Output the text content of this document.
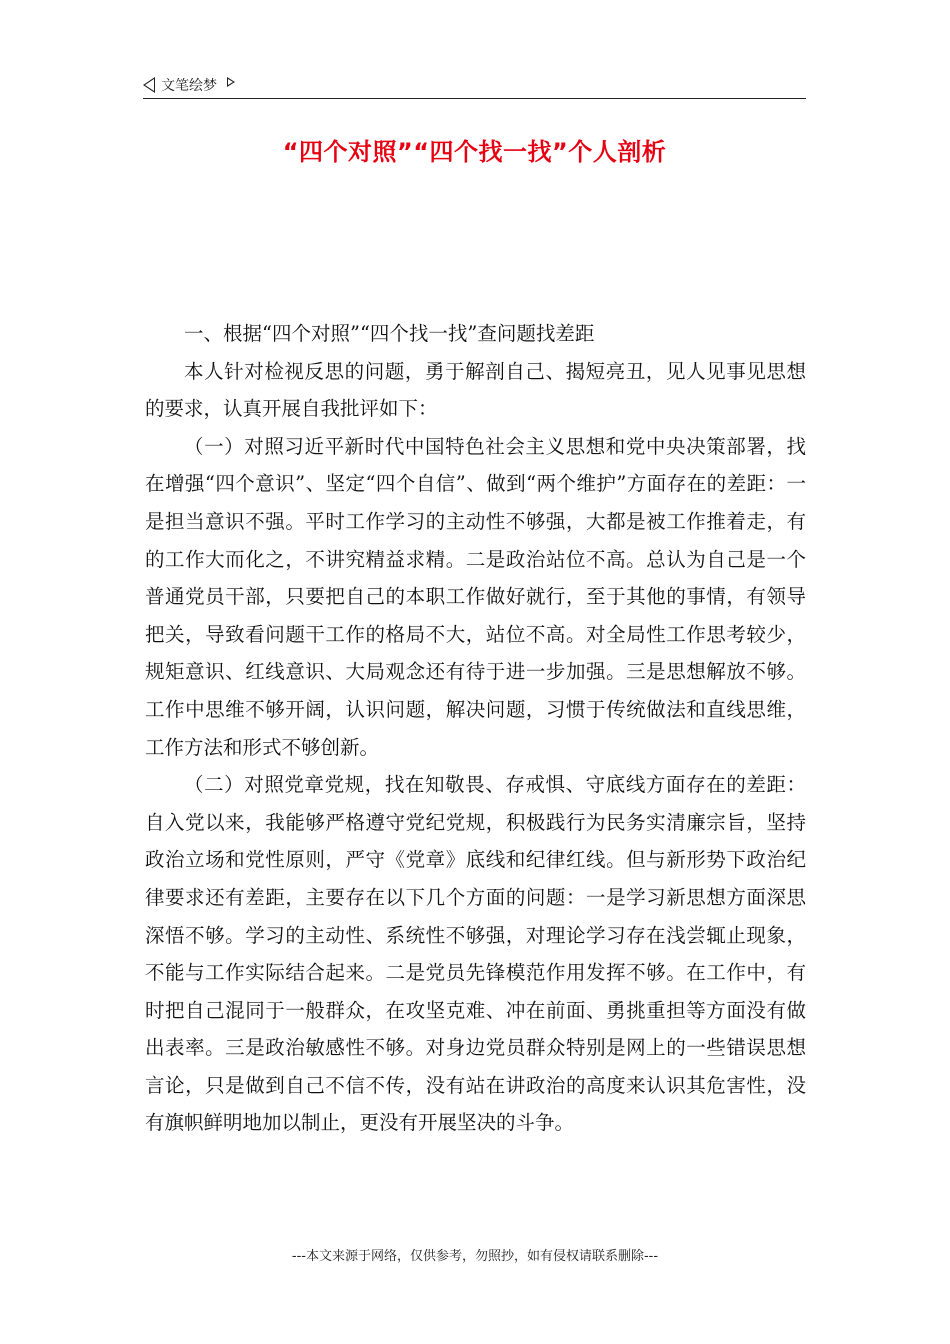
文笔绘梦
“四个对照”“四个找一找”个人剖析

一、根据“四个对照”“四个找一找”查问题找差距

本人针对检视反思的问题，勇于解剖自己、揭短亮丑，见人见事见思想的要求，认真开展自我批评如下：

（一）对照习近平新时代中国特色社会主义思想和党中央决策部署，找在增强“四个意识”、坚定“四个自信”、做到“两个维护”方面存在的差距：一是担当意识不强。平时工作学习的主动性不够强，大都是被工作推着走，有的工作大而化之，不讲究精益求精。二是政治站位不高。总认为自己是一个普通党员干部，只要把自己的本职工作做好就行，至于其他的事情，有领导把关，导致看问题干工作的格局不大，站位不高。对全局性工作思考较少，规矩意识、红线意识、大局观念还有待于进一步加强。三是思想解放不够。工作中思维不够开阔，认识问题，解决问题，习惯于传统做法和直线思维，工作方法和形式不够创新。

（二）对照党章党规，找在知敬畏、存戒惧、守底线方面存在的差距：自入党以来，我能够严格遵守党纪党规，积极践行为民务实清廉宗旨，坚持政治立场和党性原则，严守《党章》底线和纪律红线。但与新形势下政治纪律要求还有差距，主要存在以下几个方面的问题：一是学习新思想方面深思深悟不够。学习的主动性、系统性不够强，对理论学习存在浅尝辄止现象，不能与工作实际结合起来。二是党员先锋模范作用发挥不够。在工作中，有时把自己混同于一般群众，在攻坚克难、冲在前面、勇挑重担等方面没有做出表率。三是政治敏感性不够。对身边党员群众特别是网上的一些错误思想言论，只是做到自己不信不传，没有站在讲政治的高度来认识其危害性，没有旗帜鲜明地加以制止，更没有开展坚决的斗争。

---本文来源于网络，仅供参考，勿照抄，如有侵权请联系删除---
